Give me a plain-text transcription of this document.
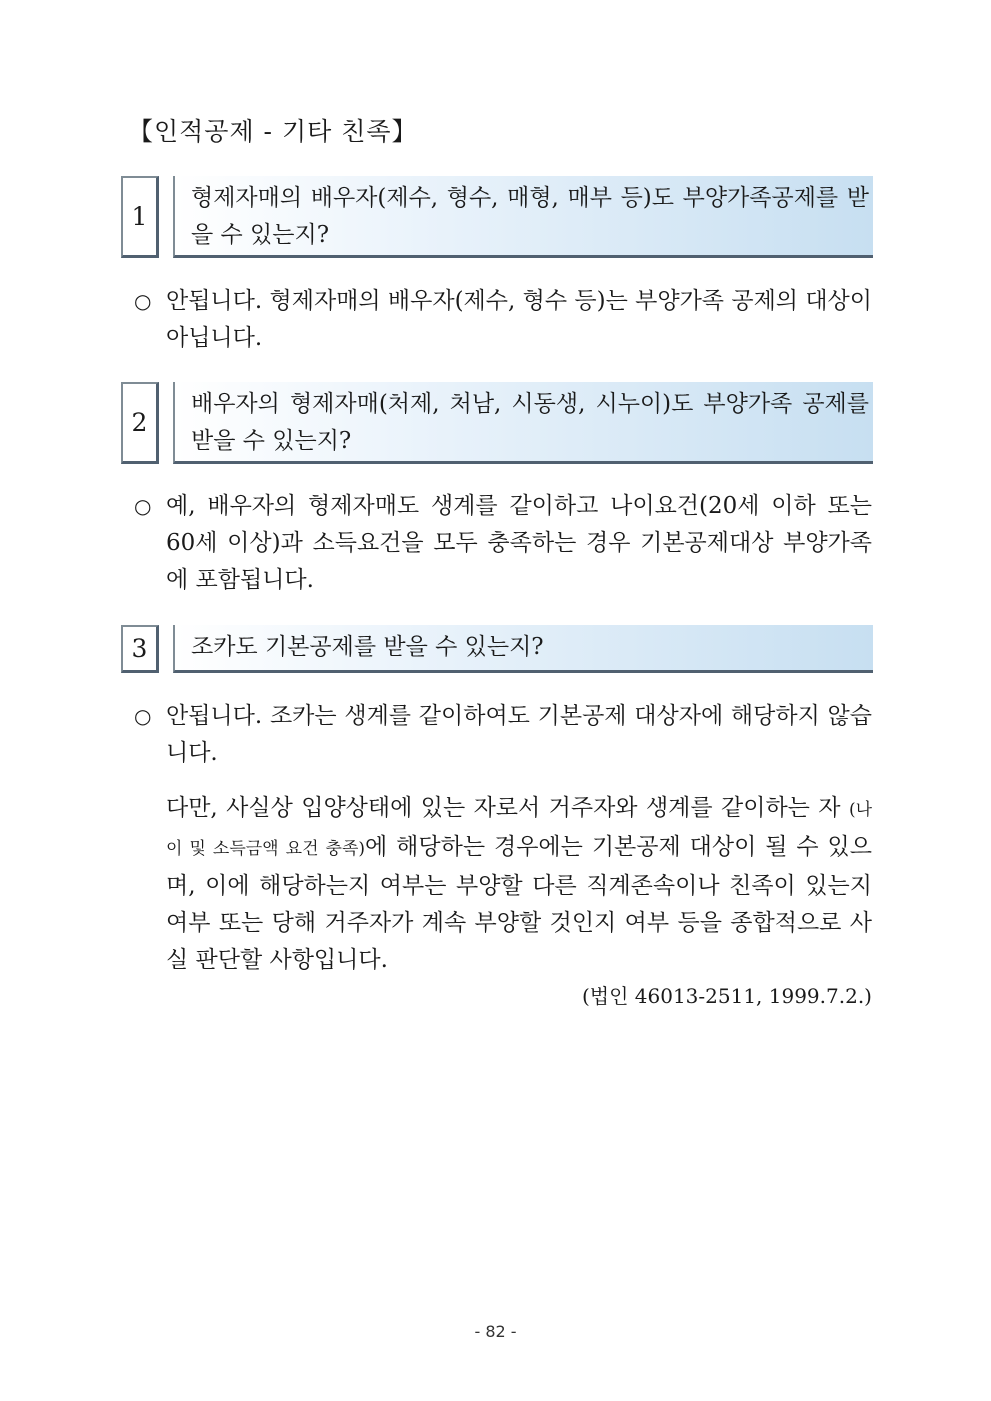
【인적공제 - 기타 친족】
1
형제자매의 배우자(제수, 형수, 매형, 매부 등)도 부양가족공제를 받을 수 있는지?
○ 안됩니다. 형제자매의 배우자(제수, 형수 등)는 부양가족 공제의 대상이 아닙니다.
2
배우자의 형제자매(처제, 처남, 시동생, 시누이)도 부양가족 공제를 받을 수 있는지?
○ 예, 배우자의 형제자매도 생계를 같이하고 나이요건(20세 이하 또는 60세 이상)과 소득요건을 모두 충족하는 경우 기본공제대상 부양가족에 포함됩니다.
3	조카도 기본공제를 받을 수 있는지?
○ 안됩니다. 조카는 생계를 같이하여도 기본공제 대상자에 해당하지 않습니다.
다만, 사실상 입양상태에 있는 자로서 거주자와 생계를 같이하는 자 (나이 및 소득금액 요건 충족)에 해당하는 경우에는 기본공제 대상이 될 수 있으며, 이에 해당하는지 여부는 부양할 다른 직계존속이나 친족이 있는지 여부 또는 당해 거주자가 계속 부양할 것인지 여부 등을 종합적으로 사실 판단할 사항입니다.
(법인 46013-2511, 1999.7.2.)
- 82 -
